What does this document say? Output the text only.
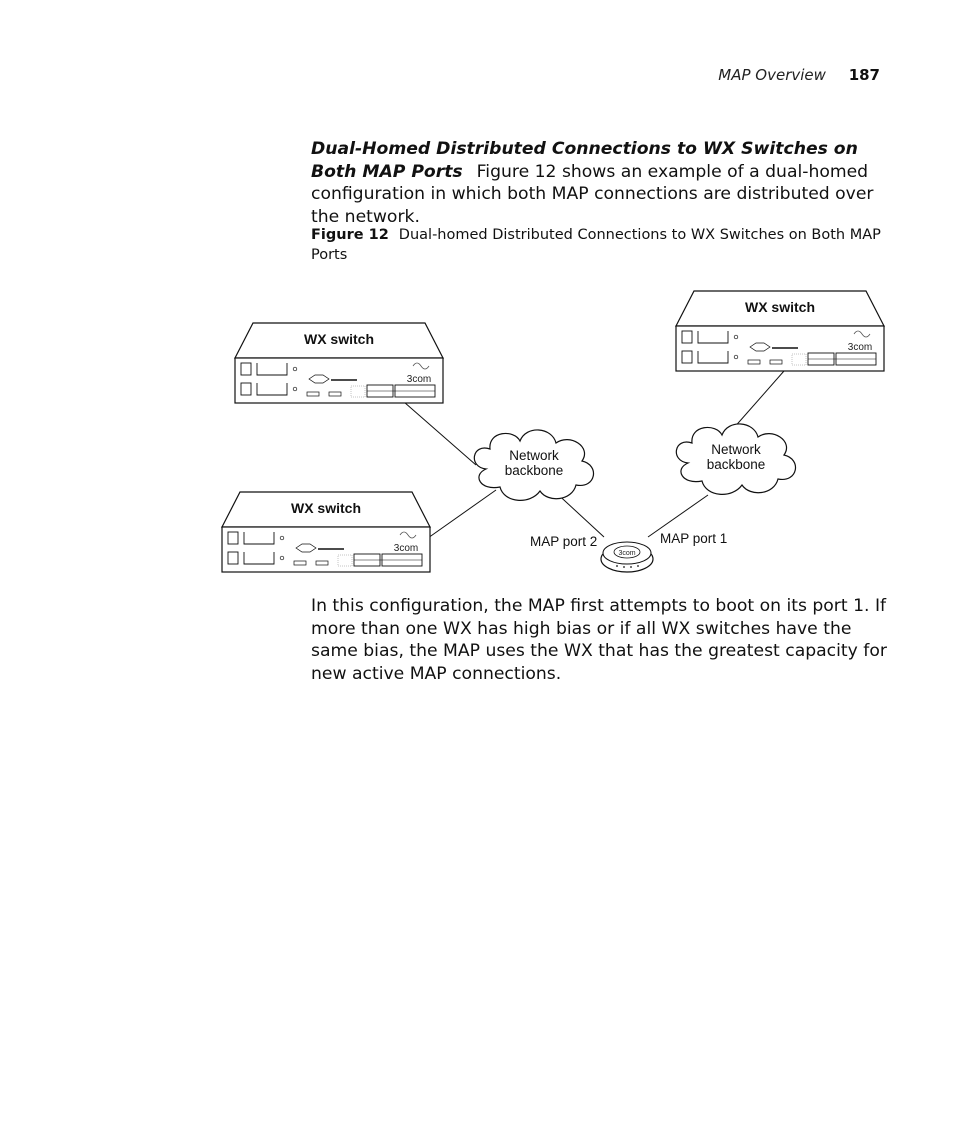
MAP Overview 187
Dual-Homed Distributed Connections to WX Switches on Both MAP Ports Figure 12 shows an example of a dual-homed configuration in which both MAP connections are distributed over the network.
Figure 12 Dual-homed Distributed Connections to WX Switches on Both MAP Ports
WX switch
3com
WX switch
3com
WX switch
3com
Network
backbone
Network
backbone
3com
MAP port 2	MAP port 1
In this configuration, the MAP first attempts to boot on its port 1. If more than one WX has high bias or if all WX switches have the same bias, the MAP uses the WX that has the greatest capacity for new active MAP connections.
